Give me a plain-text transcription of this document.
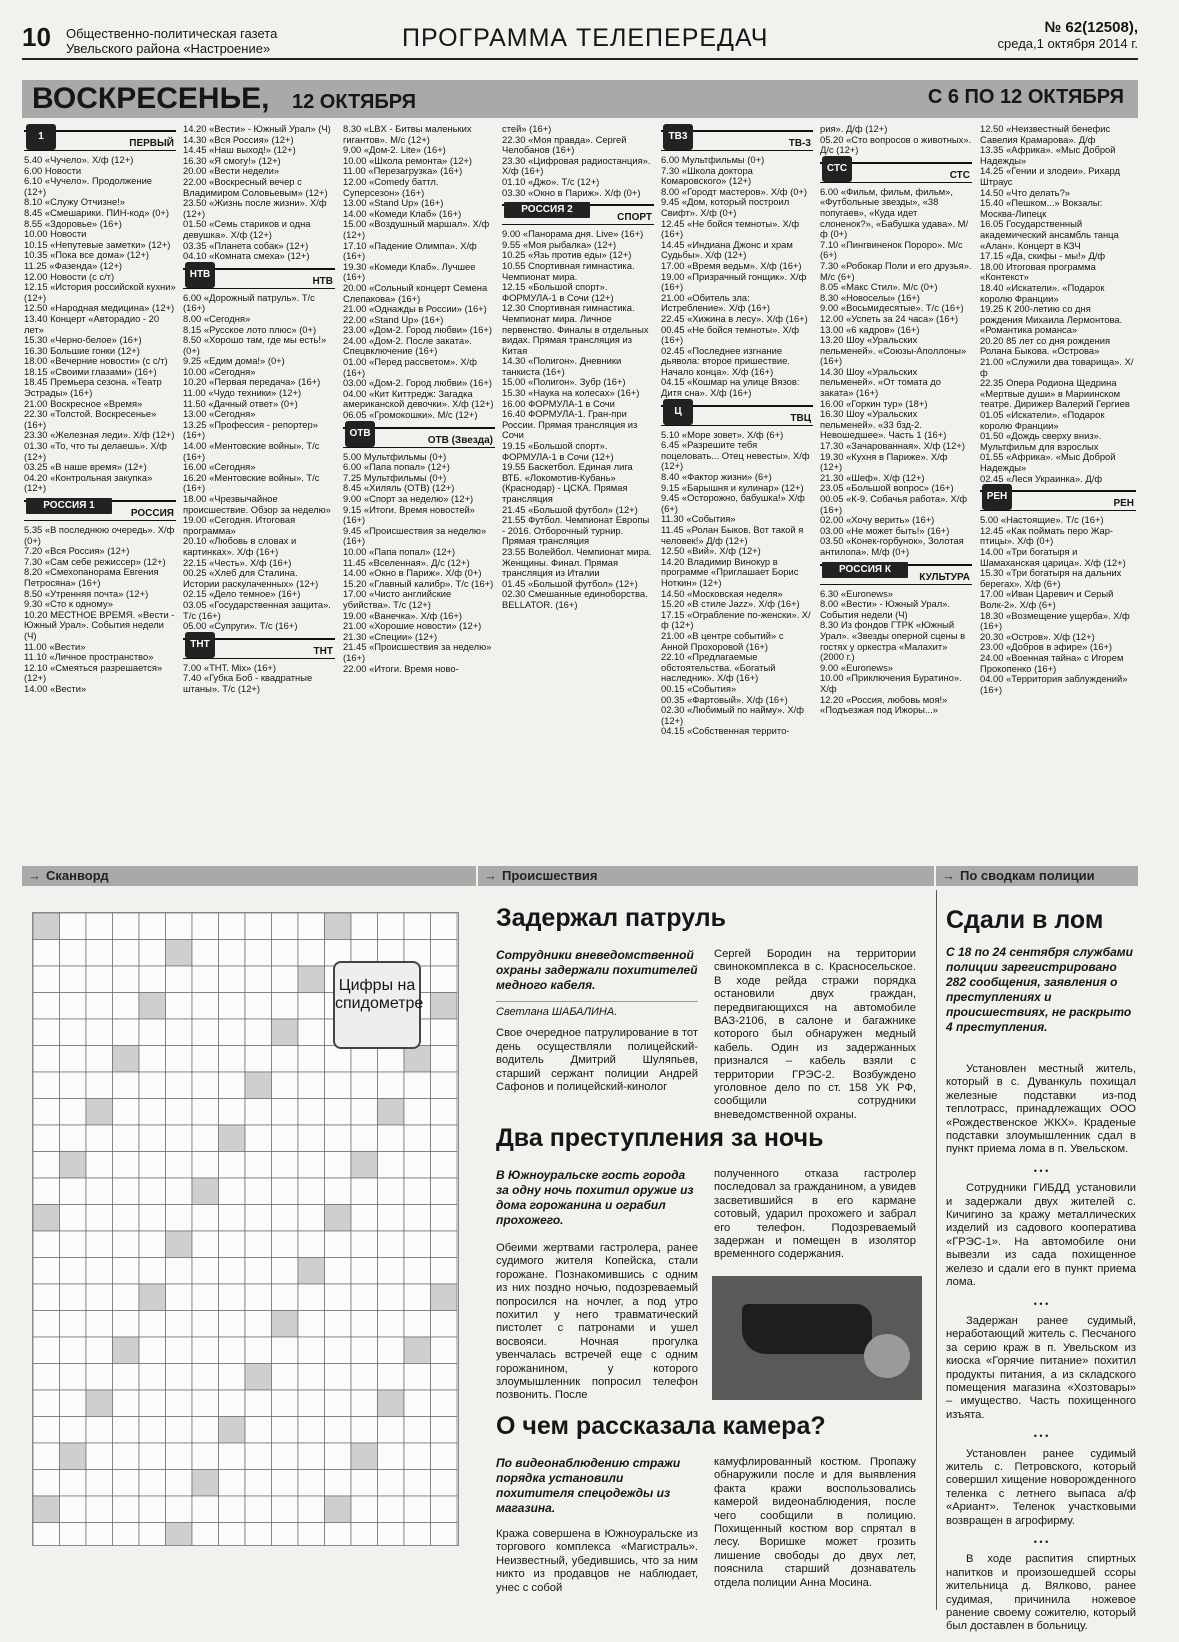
10 Общественно-политическая газета
Увельского района «Настроение»	ПРОГРАММА ТЕЛЕПЕРЕДАЧ	№ 62(12508),
среда,1 октября 2014 г.
ВОСКРЕСЕНЬЕ, 12 ОКТЯБРЯ	С 6 ПО 12 ОКТЯБРЯ
1
ПЕРВЫЙ
5.40 «Чучело». Х/ф (12+)
6.00 Новости
6.10 «Чучело». Продолжение (12+)
8.10 «Служу Отчизне!»
8.45 «Смешарики. ПИН-код» (0+)
8.55 «Здоровье» (16+)
10.00 Новости
10.15 «Непутевые заметки» (12+)
10.35 «Пока все дома» (12+)
11.25 «Фазенда» (12+)
12.00 Новости (с с/т)
12.15 «История российской кухни» (12+)
12.50 «Народная медицина» (12+)
13.40 Концерт «Авторадио - 20 лет»
15.30 «Черно-белое» (16+)
16.30 Большие гонки (12+)
18.00 «Вечерние новости» (с с/т)
18.15 «Своими глазами» (16+)
18.45 Премьера сезона. «Театр Эстрады» (16+)
21.00 Воскресное «Время»
22.30 «Толстой. Воскресенье» (16+)
23.30 «Железная леди». Х/ф (12+)
01.30 «То, что ты делаешь». Х/ф (12+)
03.25 «В наше время» (12+)
04.20 «Контрольная закупка» (12+)
РОССИЯ 1
РОССИЯ
5.35 «В последнюю очередь». Х/ф (0+)
7.20 «Вся Россия» (12+)
7.30 «Сам себе режиссер» (12+)
8.20 «Смехопанорама Евгения Петросяна» (16+)
8.50 «Утренняя почта» (12+)
9.30 «Сто к одному»
10.20 МЕСТНОЕ ВРЕМЯ. «Вести - Южный Урал». События недели (Ч)
11.00 «Вести»
11.10 «Личное пространство»
12.10 «Смеяться разрешается» (12+)
14.00 «Вести»
14.20 «Вести» - Южный Урал» (Ч)
14.30 «Вся Россия» (12+)
14.45 «Наш выход!» (12+)
16.30 «Я смогу!» (12+)
20.00 «Вести недели»
22.00 «Воскресный вечер с Владимиром Соловьевым» (12+)
23.50 «Жизнь после жизни». Х/ф (12+)
01.50 «Семь стариков и одна девушка». Х/ф (12+)
03.35 «Планета собак» (12+)
04.10 «Комната смеха» (12+)
НТВ
НТВ
6.00 «Дорожный патруль». Т/с (16+)
8.00 «Сегодня»
8.15 «Русское лото плюс» (0+)
8.50 «Хорошо там, где мы есть!» (0+)
9.25 «Едим дома!» (0+)
10.00 «Сегодня»
10.20 «Первая передача» (16+)
11.00 «Чудо техники» (12+)
11.50 «Дачный ответ» (0+)
13.00 «Сегодня»
13.25 «Профессия - репортер» (16+)
14.00 «Ментовские войны». Т/с (16+)
16.00 «Сегодня»
16.20 «Ментовские войны». Т/с (16+)
18.00 «Чрезвычайное происшествие. Обзор за неделю»
19.00 «Сегодня. Итоговая программа»
20.10 «Любовь в словах и картинках». Х/ф (16+)
22.15 «Честь». Х/ф (16+)
00.25 «Хлеб для Сталина. Истории раскулаченных» (12+)
02.15 «Дело темное» (16+)
03.05 «Государственная защита». Т/с (16+)
05.00 «Супруги». Т/с (16+)
ТНТ
ТНТ
7.00 «ТНТ. Mix» (16+)
7.40 «Губка Боб - квадратные штаны». Т/с (12+)
8.30 «LBX - Битвы маленьких гигантов». М/с (12+)
9.00 «Дом-2. Lite» (16+)
10.00 «Школа ремонта» (12+)
11.00 «Перезагрузка» (16+)
12.00 «Comedy баттл. Суперсезон» (16+)
13.00 «Stand Up» (16+)
14.00 «Комеди Клаб» (16+)
15.00 «Воздушный маршал». Х/ф (12+)
17.10 «Падение Олимпа». Х/ф (16+)
19.30 «Комеди Клаб». Лучшее (16+)
20.00 «Сольный концерт Семена Слепакова» (16+)
21.00 «Однажды в России» (16+)
22.00 «Stand Up» (16+)
23.00 «Дом-2. Город любви» (16+)
24.00 «Дом-2. После заката». Спецвключение (16+)
01.00 «Перед рассветом». Х/ф (16+)
03.00 «Дом-2. Город любви» (16+)
04.00 «Кит Киттредж: Загадка американской девочки». Х/ф (12+)
06.05 «Громокошки». М/с (12+)
ОТВ
ОТВ (Звезда)
5.00 Мультфильмы (0+)
6.00 «Папа попал» (12+)
7.25 Мультфильмы (0+)
8.45 «Хиляль (ОТВ) (12+)
9.00 «Спорт за неделю» (12+)
9.15 «Итоги. Время новостей» (16+)
9.45 «Происшествия за неделю» (16+)
10.00 «Папа попал» (12+)
11.45 «Вселенная». Д/с (12+)
14.00 «Окно в Париж». Х/ф (0+)
15.20 «Главный калибр». Т/с (16+)
17.00 «Чисто английские убийства». Т/с (12+)
19.00 «Ванечка». Х/ф (16+)
21.00 «Хорошие новости» (12+)
21.30 «Специи» (12+)
21.45 «Происшествия за неделю» (16+)
22.00 «Итоги. Время ново-
стей» (16+)
22.30 «Моя правда». Сергей Челобанов (16+)
23.30 «Цифровая радиостанция». Х/ф (16+)
01.10 «Джо». Т/с (12+)
03.30 «Окно в Париж». Х/ф (0+)
РОССИЯ 2
СПОРТ
9.00 «Панорама дня. Live» (16+)
9.55 «Моя рыбалка» (12+)
10.25 «Язь против еды» (12+)
10.55 Спортивная гимнастика. Чемпионат мира.
12.15 «Большой спорт». ФОРМУЛА-1 в Сочи (12+)
12.30 Спортивная гимнастика. Чемпионат мира. Личное первенство. Финалы в отдельных видах. Прямая трансляция из Китая
14.30 «Полигон». Дневники танкиста (16+)
15.00 «Полигон». Зубр (16+)
15.30 «Наука на колесах» (16+)
16.00 ФОРМУЛА-1 в Сочи
16.40 ФОРМУЛА-1. Гран-при России. Прямая трансляция из Сочи
19.15 «Большой спорт». ФОРМУЛА-1 в Сочи (12+)
19.55 Баскетбол. Единая лига ВТБ. «Локомотив-Кубань» (Краснодар) - ЦСКА. Прямая трансляция
21.45 «Большой футбол» (12+)
21.55 Футбол. Чемпионат Европы - 2016. Отборочный турнир. Прямая трансляция
23.55 Волейбол. Чемпионат мира. Женщины. Финал. Прямая трансляция из Италии
01.45 «Большой футбол» (12+)
02.30 Смешанные единоборства. BELLATOR. (16+)
ТВ3
ТВ-3
6.00 Мультфильмы (0+)
7.30 «Школа доктора Комаровского» (12+)
8.00 «Городт мастеров». Х/ф (0+)
9.45 «Дом, который построил Свифт». Х/ф (0+)
12.45 «Не бойся темноты». Х/ф (16+)
14.45 «Индиана Джонс и храм Судьбы». Х/ф (12+)
17.00 «Время ведьм». Х/ф (16+)
19.00 «Призрачный гонщик». Х/ф (16+)
21.00 «Обитель зла: Истребление». Х/ф (16+)
22.45 «Хижина в лесу». Х/ф (16+)
00.45 «Не бойся темноты». Х/ф (16+)
02.45 «Последнее изгнание дьявола: второе пришествие. Начало конца». Х/ф (16+)
04.15 «Кошмар на улице Вязов: Дитя сна». Х/ф (16+)
Ц
ТВЦ
5.10 «Море зовет». Х/ф (6+)
6.45 «Разрешите тебя поцеловать... Отец невесты». Х/ф (12+)
8.40 «Фактор жизни» (6+)
9.15 «Барышня и кулинар» (12+)
9.45 «Осторожно, бабушка!» Х/ф (6+)
11.30 «События»
11.45 «Ролан Быков. Вот такой я человек!» Д/ф (12+)
12.50 «Вий». Х/ф (12+)
14.20 Владимир Винокур в программе «Приглашает Борис Ноткин» (12+)
14.50 «Московская неделя»
15.20 «В стиле Jazz». Х/ф (16+)
17.15 «Ограбление по-женски». Х/ф (12+)
21.00 «В центре событий» с Анной Прохоровой (16+)
22.10 «Предлагаемые обстоятельства. «Богатый наследник». Х/ф (16+)
00.15 «События»
00.35 «Фартовый». Х/ф (16+)
02.30 «Любимый по найму». Х/ф (12+)
04.15 «Собственная террито-
рия». Д/ф (12+)
05.20 «Сто вопросов о животных». Д/с (12+)
СТС
СТС
6.00 «Фильм, фильм, фильм», «Футбольные звезды», «38 попугаев», «Куда идет слоненок?», «Бабушка удава». М/ф (0+)
7.10 «Пингвиненок Пороро». М/с (6+)
7.30 «Робокар Поли и его друзья». М/с (6+)
8.05 «Макс Стил». М/с (0+)
8.30 «Новоселы» (16+)
9.00 «Восьмидесятые». Т/с (16+)
12.00 «Успеть за 24 часа» (16+)
13.00 «6 кадров» (16+)
13.20 Шоу «Уральских пельменей». «Союзы-Аполлоны» (16+)
14.30 Шоу «Уральских пельменей». «От томата до заката» (16+)
16.00 «Горкин тур» (18+)
16.30 Шоу «Уральских пельменей». «33 бзд-2. Невошедшее». Часть 1 (16+)
17.30 «Зачарованная». Х/ф (12+)
19.30 «Кухня в Париже». Х/ф (12+)
21.30 «Шеф». Х/ф (12+)
23.05 «Большой вопрос» (16+)
00.05 «К-9. Собачья работа». Х/ф (16+)
02.00 «Хочу верить» (16+)
03.00 «Не может быть!» (16+)
03.50 «Конек-горбунок», Золотая антилопа». М/ф (0+)
РОССИЯ К
КУЛЬТУРА
6.30 «Euronews»
8.00 «Вести» - Южный Урал». События недели (Ч)
8.30 Из фондов ГТРК «Южный Урал». «Звезды оперной сцены в гостях у оркестра «Малахит» (2000 г.)
9.00 «Euronews»
10.00 «Приключения Буратино». Х/ф
12.20 «Россия, любовь моя!» «Подъезжая под Ижоры...»
12.50 «Неизвестный бенефис Савелия Крамарова». Д/ф
13.35 «Африка». «Мыс Доброй Надежды»
14.25 «Гении и злодеи». Рихард Штраус
14.50 «Что делать?»
15.40 «Пешком...» Вокзалы: Москва-Липецк
16.05 Государственный академический ансамбль танца «Алан». Концерт в КЗЧ
17.15 «Да, скифы - мы!» Д/ф
18.00 Итоговая программа «Контекст»
18.40 «Искатели». «Подарок королю Франции»
19.25 К 200-летию со дня рождения Михаила Лермонтова. «Романтика романса»
20.20 85 лет со дня рождения Ролана Быкова. «Острова»
21.00 «Служили два товарища». Х/ф
22.35 Опера Родиона Щедрина «Мертвые души» в Мариинском театре. Дирижер Валерий Гергиев
01.05 «Искатели». «Подарок королю Франции»
01.50 «Дождь сверху вниз». Мультфильм для взрослых
01.55 «Африка». «Мыс Доброй Надежды»
02.45 «Леся Украинка». Д/ф
РЕН
РЕН
5.00 «Настоящие». Т/с (16+)
12.45 «Как поймать перо Жар-птицы». Х/ф (0+)
14.00 «Три богатыря и Шамаханская царица». Х/ф (12+)
15.30 «Три богатыря на дальних берегах». Х/ф (6+)
17.00 «Иван Царевич и Серый Волк-2». Х/ф (6+)
18.30 «Возмещение ущерба». Х/ф (16+)
20.30 «Остров». Х/ф (12+)
23.00 «Добров в эфире» (16+)
24.00 «Военная тайна» с Игорем Прокопенко (16+)
04.00 «Территория заблуждений» (16+)
→ Сканворд	→ Происшествия	→ По сводкам полиции
Цифры на спидометре
Задержал патруль
Сотрудники вневедомственной охраны задержали похитителей медного кабеля.
Светлана ШАБАЛИНА.
Свое очередное патрулирование в тот день осуществляли полицейский-водитель Дмитрий Шуляпьев, старший сержант полиции Андрей Сафонов и полицейский-кинолог
Сергей Бородин на территории свинокомплекса в с. Красносельское. В ходе рейда стражи порядка остановили двух граждан, передвигающихся на автомобиле ВАЗ-2106, в салоне и багажнике которого был обнаружен медный кабель. Один из задержанных признался – кабель взяли с территории ГРЭС-2. Возбуждено уголовное дело по ст. 158 УК РФ, сообщили сотрудники вневедомственной охраны.
Два преступления за ночь
В Южноуральске гость города за одну ночь похитил оружие из дома горожанина и ограбил прохожего.
Обеими жертвами гастролера, ранее судимого жителя Копейска, стали горожане. Познакомившись с одним из них поздно ночью, подозреваемый попросился на ночлег, а под утро похитил у него травматический пистолет с патронами и ушел восвояси. Ночная прогулка увенчалась встречей еще с одним горожанином, у которого злоумышленник попросил телефон позвонить. После
полученного отказа гастролер последовал за гражданином, а увидев засветившийся в его кармане сотовый, ударил прохожего и забрал его телефон. Подозреваемый задержан и помещен в изолятор временного содержания.
О чем рассказала камера?
По видеонаблюдению стражи порядка установили похитителя спецодежды из магазина.
Кража совершена в Южноуральске из торгового комплекса «Магистраль». Неизвестный, убедившись, что за ним никто из продавцов не наблюдает, унес с собой
камуфлированный костюм. Пропажу обнаружили после и для выявления факта кражи воспользовались камерой видеонаблюдения, после чего сообщили в полицию. Похищенный костюм вор спрятал в лесу. Воришке может грозить лишение свободы до двух лет, пояснила старший дознаватель отдела полиции Анна Мосина.
Сдали в лом
С 18 по 24 сентября службами полиции зарегистрировано 282 сообщения, заявления о преступлениях и происшествиях, не раскрыто 4 преступления.

Установлен местный житель, который в с. Дуванкуль похищал железные подставки из-под теплотрасс, принадлежащих ООО «Рождественское ЖКХ». Краденые подставки злоумышленник сдал в пункт приема лома в п. Увельском.

• • •

Сотрудники ГИБДД установили и задержали двух жителей с. Кичигино за кражу металлических изделий из садового кооператива «ГРЭС-1». На автомобиле они вывезли из сада похищенное железо и сдали его в пункт приема лома.

• • •

Задержан ранее судимый, неработающий житель с. Песчаного за серию краж в п. Увельском из киоска «Горячие питание» похитил продукты питания, а из складского помещения магазина «Хозтовары» – имущество. Часть похищенного изъята.

• • •

Установлен ранее судимый житель с. Петровского, который совершил хищение новорожденного теленка с летнего выпаса а/ф «Ариант». Теленок участковыми возвращен в агрофирму.

• • •

В ходе распития спиртных напитков и произошедшей ссоры жительница д. Вялково, ранее судимая, причинила ножевое ранение своему сожителю, который был доставлен в больницу.
